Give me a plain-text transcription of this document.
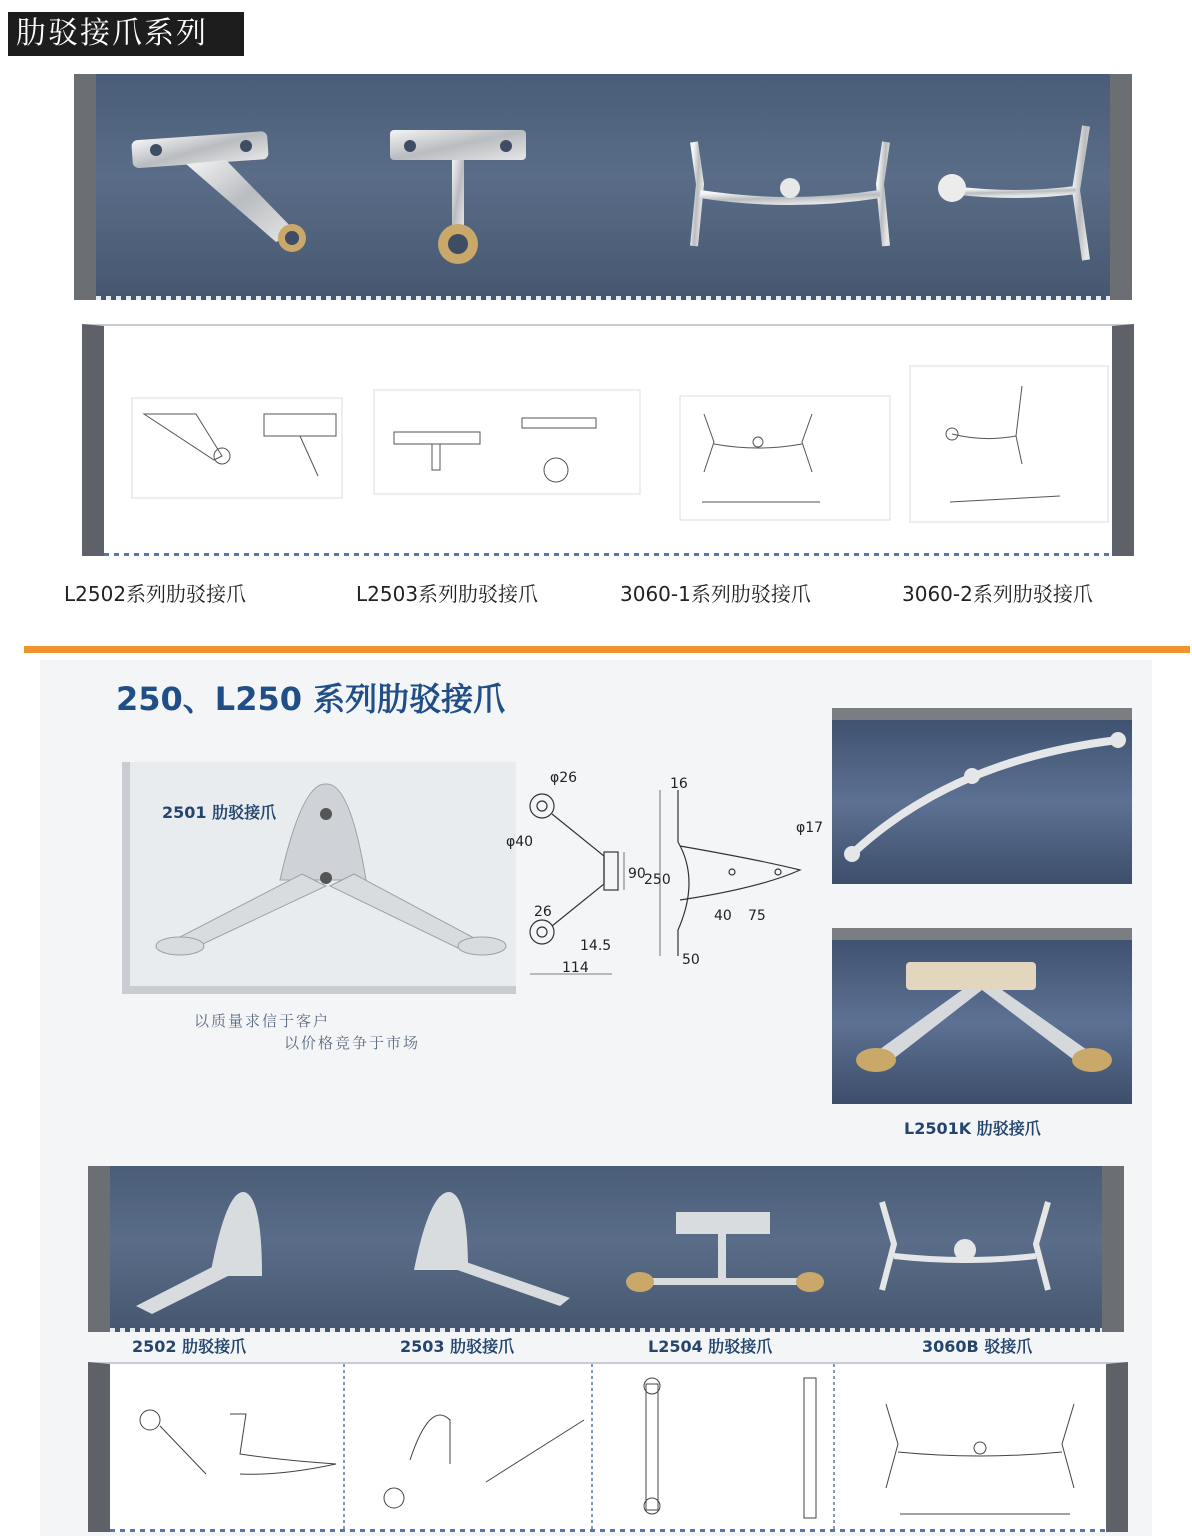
肋驳接爪系列
L2502系列肋驳接爪	L2503系列肋驳接爪	3060-1系列肋驳接爪	3060-2系列肋驳接爪
250、L250 系列肋驳接爪
2501 肋驳接爪
以质量求信于客户
以价格竞争于市场
φ26
φ40
90
26
14.5
114
16
φ17
250
40 75
50
L2501K 肋驳接爪
2502 肋驳接爪	2503 肋驳接爪	L2504 肋驳接爪	3060B 驳接爪
